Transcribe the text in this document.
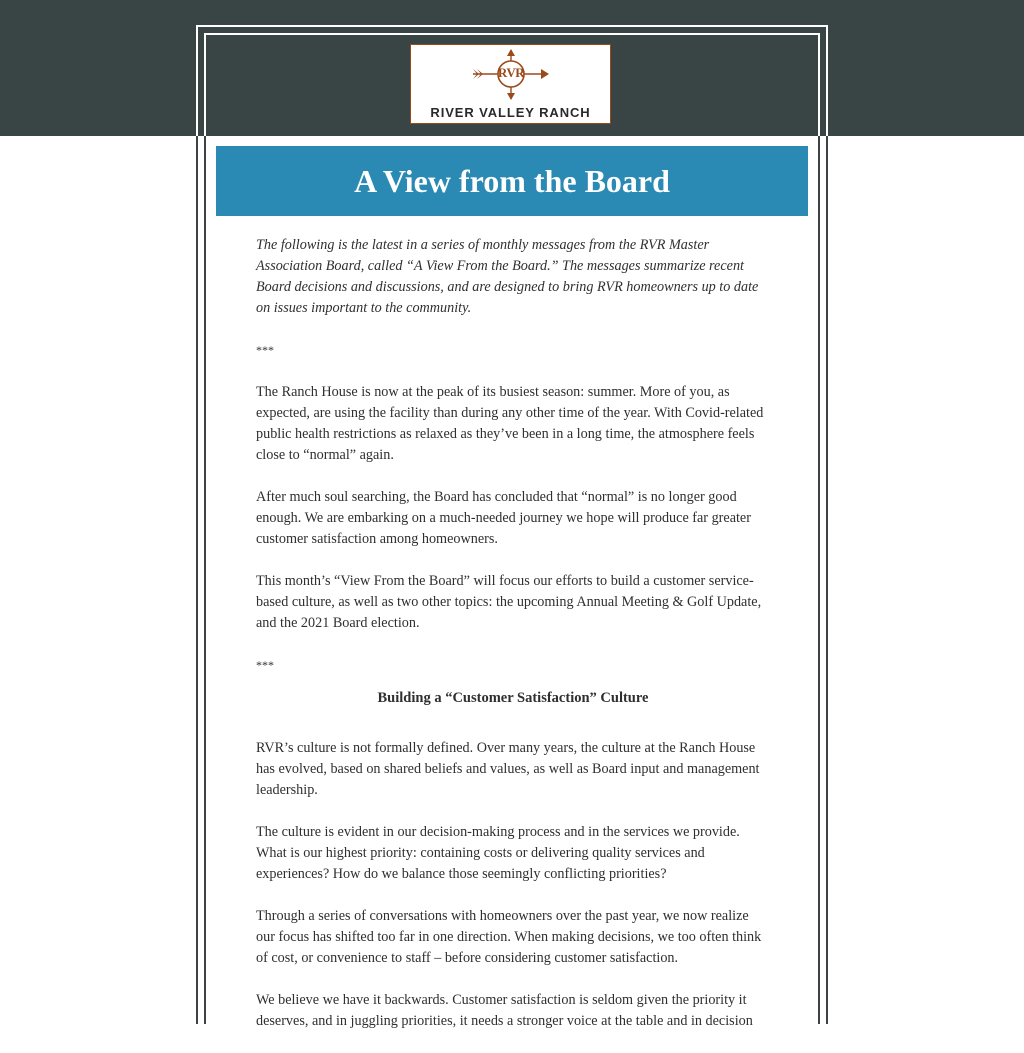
RVR
RIVER VALLEY RANCH
A View from the Board

The following is the latest in a series of monthly messages from the RVR Master Association Board, called “A View From the Board.” The messages summarize recent Board decisions and discussions, and are designed to bring RVR homeowners up to date on issues important to the community.

***

The Ranch House is now at the peak of its busiest season: summer. More of you, as expected, are using the facility than during any other time of the year. With Covid-related public health restrictions as relaxed as they’ve been in a long time, the atmosphere feels close to “normal” again.

After much soul searching, the Board has concluded that “normal” is no longer good enough. We are embarking on a much-needed journey we hope will produce far greater customer satisfaction among homeowners.

This month’s “View From the Board” will focus our efforts to build a customer service-based culture, as well as two other topics: the upcoming Annual Meeting & Golf Update, and the 2021 Board election.

***

Building a “Customer Satisfaction” Culture

RVR’s culture is not formally defined. Over many years, the culture at the Ranch House has evolved, based on shared beliefs and values, as well as Board input and management leadership.

The culture is evident in our decision-making process and in the services we provide. What is our highest priority: containing costs or delivering quality services and experiences? How do we balance those seemingly conflicting priorities?

Through a series of conversations with homeowners over the past year, we now realize our focus has shifted too far in one direction. When making decisions, we too often think of cost, or convenience to staff – before considering customer satisfaction.

We believe we have it backwards. Customer satisfaction is seldom given the priority it deserves, and in juggling priorities, it needs a stronger voice at the table and in decision
